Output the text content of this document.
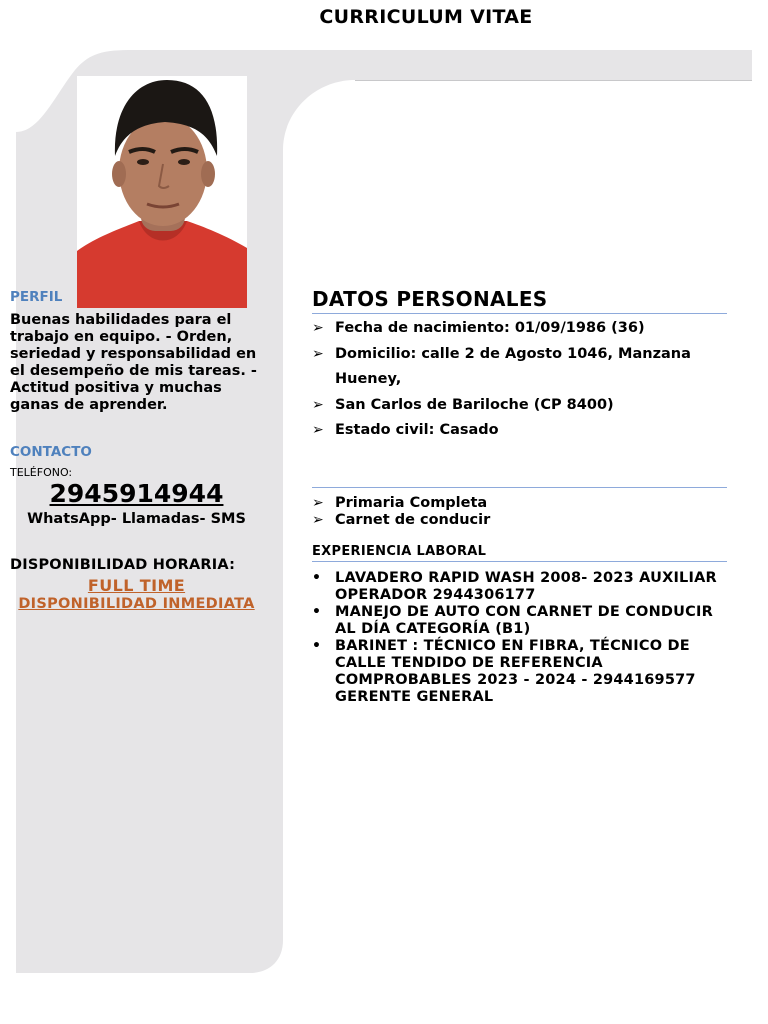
CURRICULUM VITAE
PERFIL
Buenas habilidades para el trabajo en equipo. - Orden, seriedad y responsabilidad en el desempeño de mis tareas. - Actitud positiva y muchas ganas de aprender.
CONTACTO
TELÉFONO:
2945914944
WhatsApp- Llamadas- SMS
DISPONIBILIDAD HORARIA:
FULL TIME
DISPONIBILIDAD INMEDIATA
DATOS PERSONALES
➢ Fecha de nacimiento: 01/09/1986 (36)
➢ Domicilio: calle 2 de Agosto 1046, Manzana Hueney,
➢ San Carlos de Bariloche (CP 8400)
➢ Estado civil: Casado
➢ Primaria Completa
➢ Carnet de conducir
EXPERIENCIA LABORAL
• LAVADERO RAPID WASH 2008- 2023 AUXILIAR OPERADOR 2944306177
• MANEJO DE AUTO CON CARNET DE CONDUCIR AL DÍA CATEGORÍA (B1)
• BARINET : TÉCNICO EN FIBRA, TÉCNICO DE CALLE TENDIDO DE REFERENCIA COMPROBABLES 2023 - 2024 - 2944169577 GERENTE GENERAL
